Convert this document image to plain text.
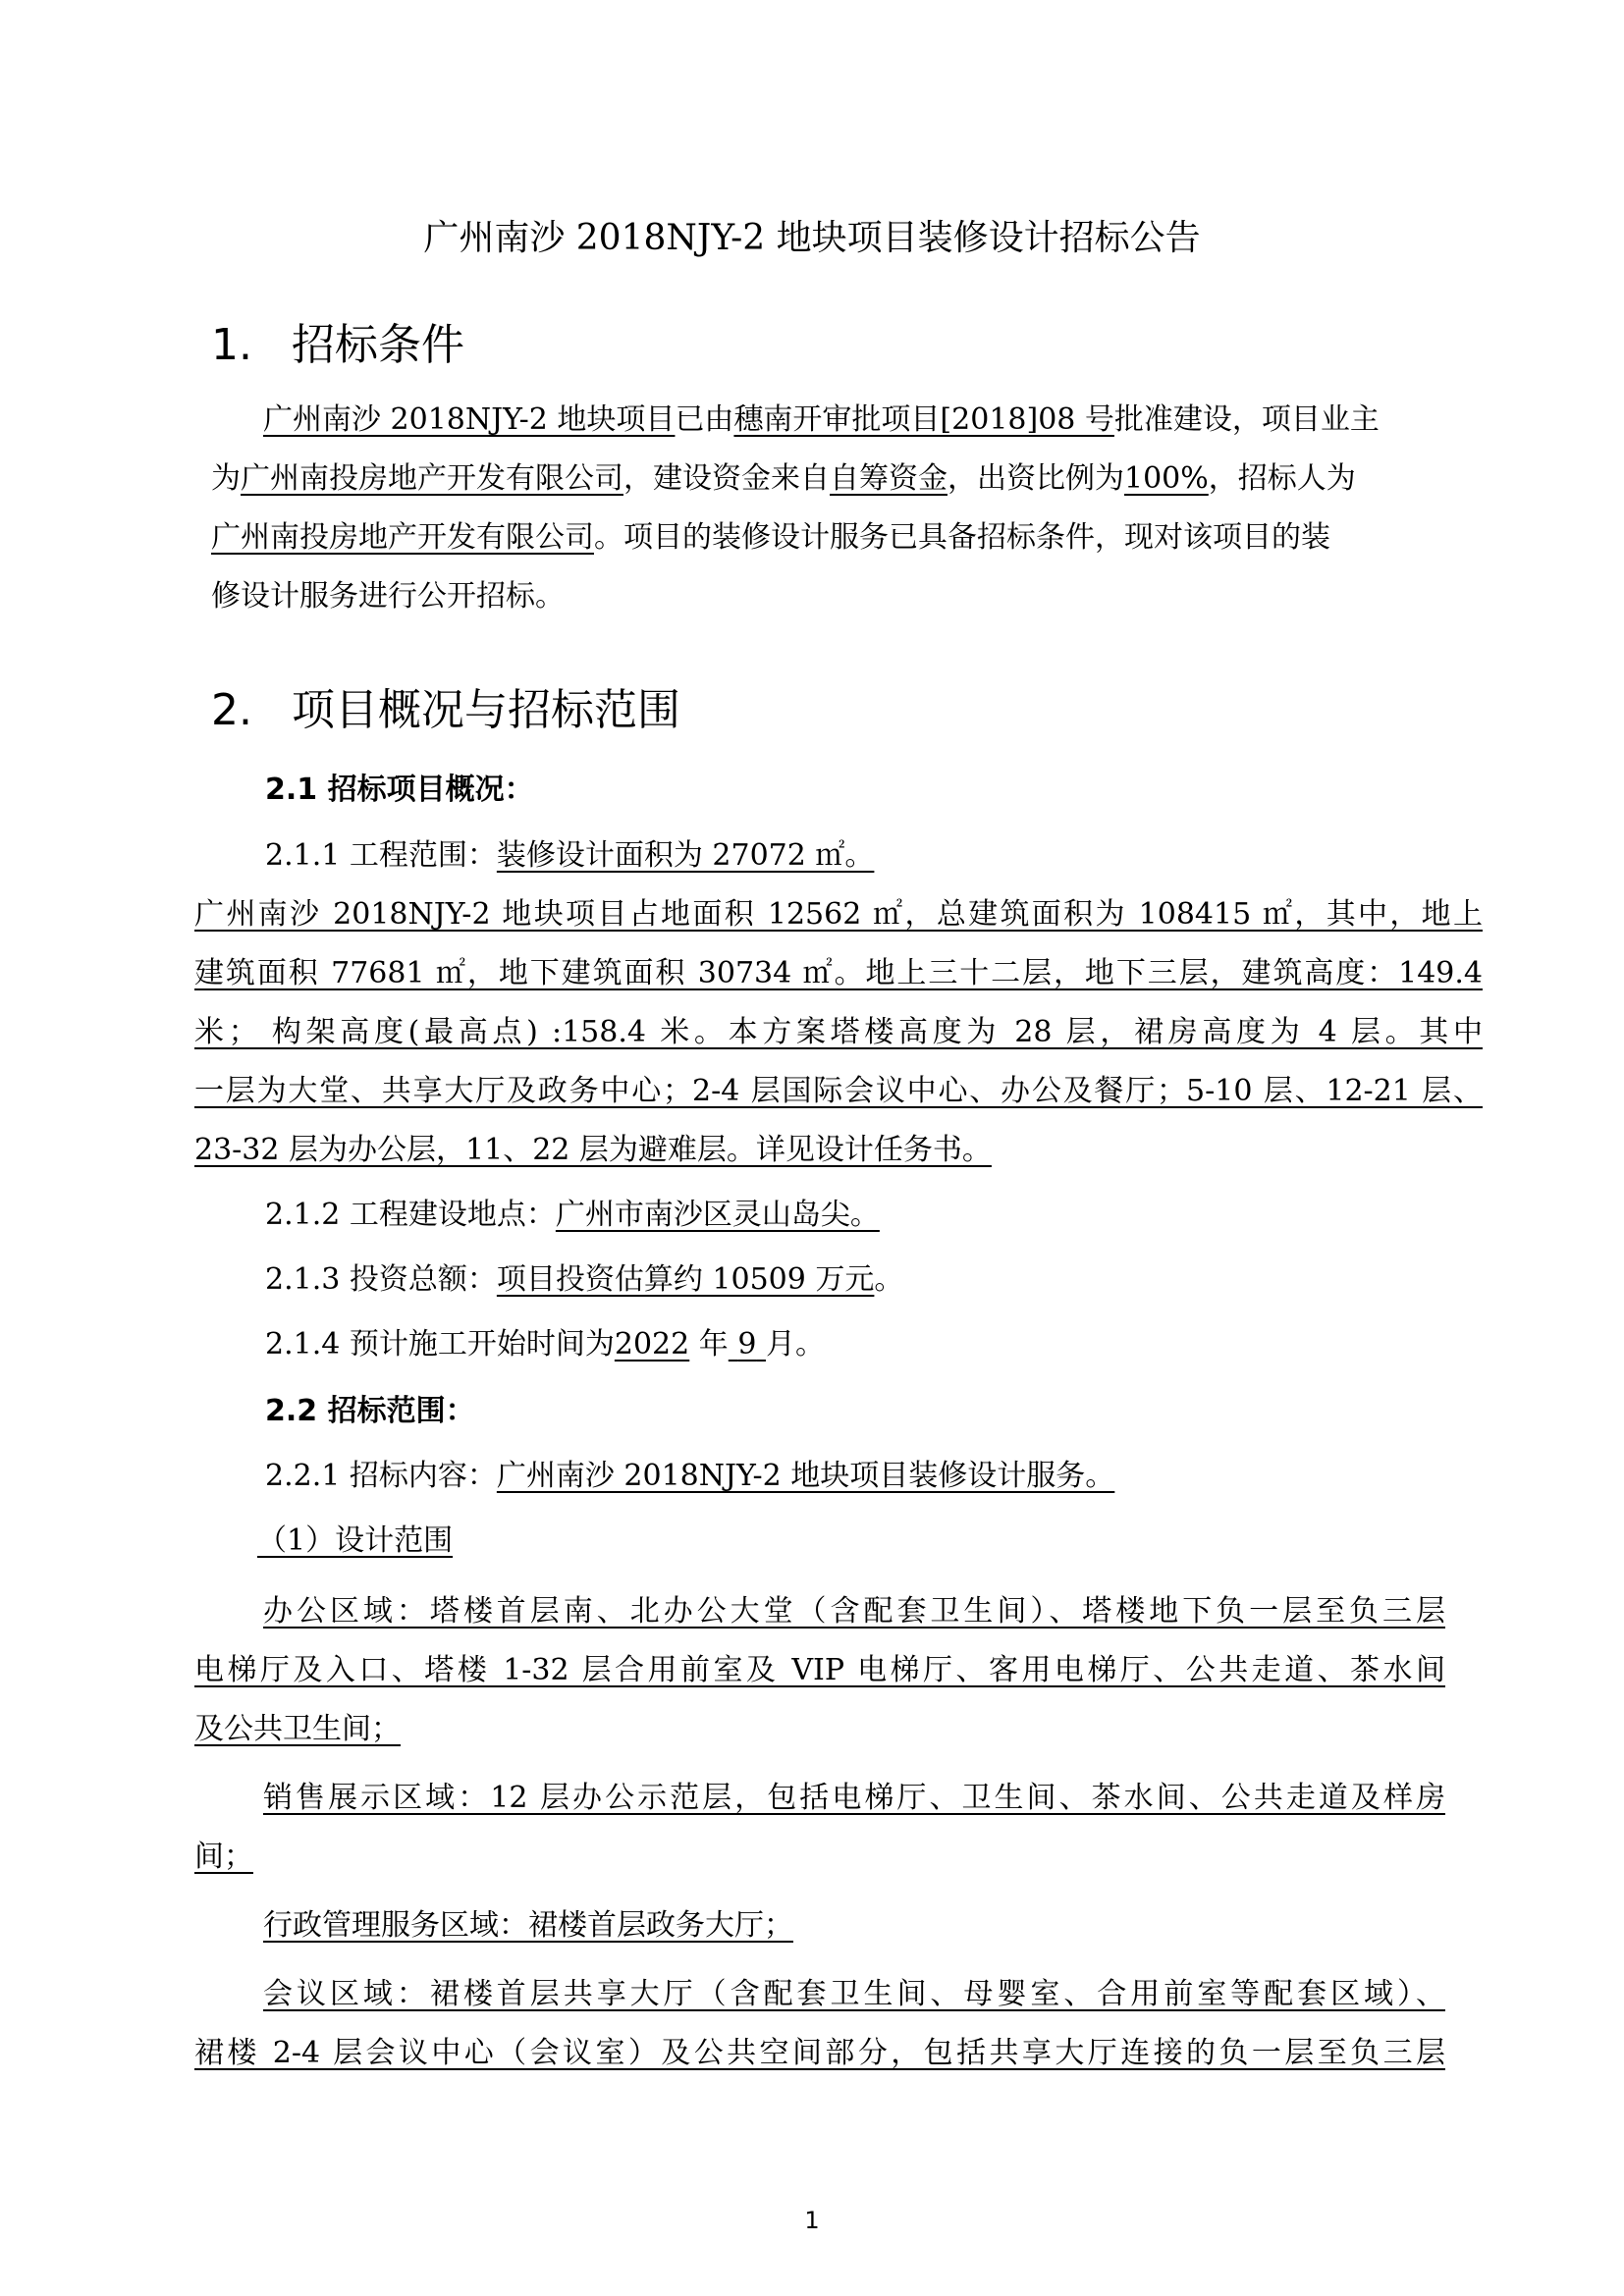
广州南沙 2018NJY-2 地块项目装修设计招标公告
1. 招标条件
广州南沙 2018NJY-2 地块项目已由穗南开审批项目[2018]08 号批准建设，项目业主
为广州南投房地产开发有限公司，建设资金来自自筹资金，出资比例为100%，招标人为
广州南投房地产开发有限公司。项目的装修设计服务已具备招标条件，现对该项目的装
修设计服务进行公开招标。
2. 项目概况与招标范围
2.1 招标项目概况：
2.1.1 工程范围：装修设计面积为 27072 ㎡。
广州南沙 2018NJY-2 地块项目占地面积 12562 ㎡，总建筑面积为 108415 ㎡，其中，地上
建筑面积 77681 ㎡，地下建筑面积 30734 ㎡。地上三十二层，地下三层，建筑高度：149.4
米； 构架高度(最高点) :158.4 米。本方案塔楼高度为 28 层，裙房高度为 4 层。其中
一层为大堂、共享大厅及政务中心；2-4 层国际会议中心、办公及餐厅；5-10 层、12-21 层、
23-32 层为办公层，11、22 层为避难层。详见设计任务书。
2.1.2 工程建设地点：广州市南沙区灵山岛尖。
2.1.3 投资总额：项目投资估算约 10509 万元。
2.1.4 预计施工开始时间为2022 年 9 月。
2.2 招标范围：
2.2.1 招标内容：广州南沙 2018NJY-2 地块项目装修设计服务。
（1）设计范围
办公区域：塔楼首层南、北办公大堂（含配套卫生间）、塔楼地下负一层至负三层
电梯厅及入口、塔楼 1-32 层合用前室及 VIP 电梯厅、客用电梯厅、公共走道、茶水间
及公共卫生间；
销售展示区域：12 层办公示范层，包括电梯厅、卫生间、茶水间、公共走道及样房
间；
行政管理服务区域：裙楼首层政务大厅；
会议区域：裙楼首层共享大厅（含配套卫生间、母婴室、合用前室等配套区域）、
裙楼 2-4 层会议中心（会议室）及公共空间部分，包括共享大厅连接的负一层至负三层
1
